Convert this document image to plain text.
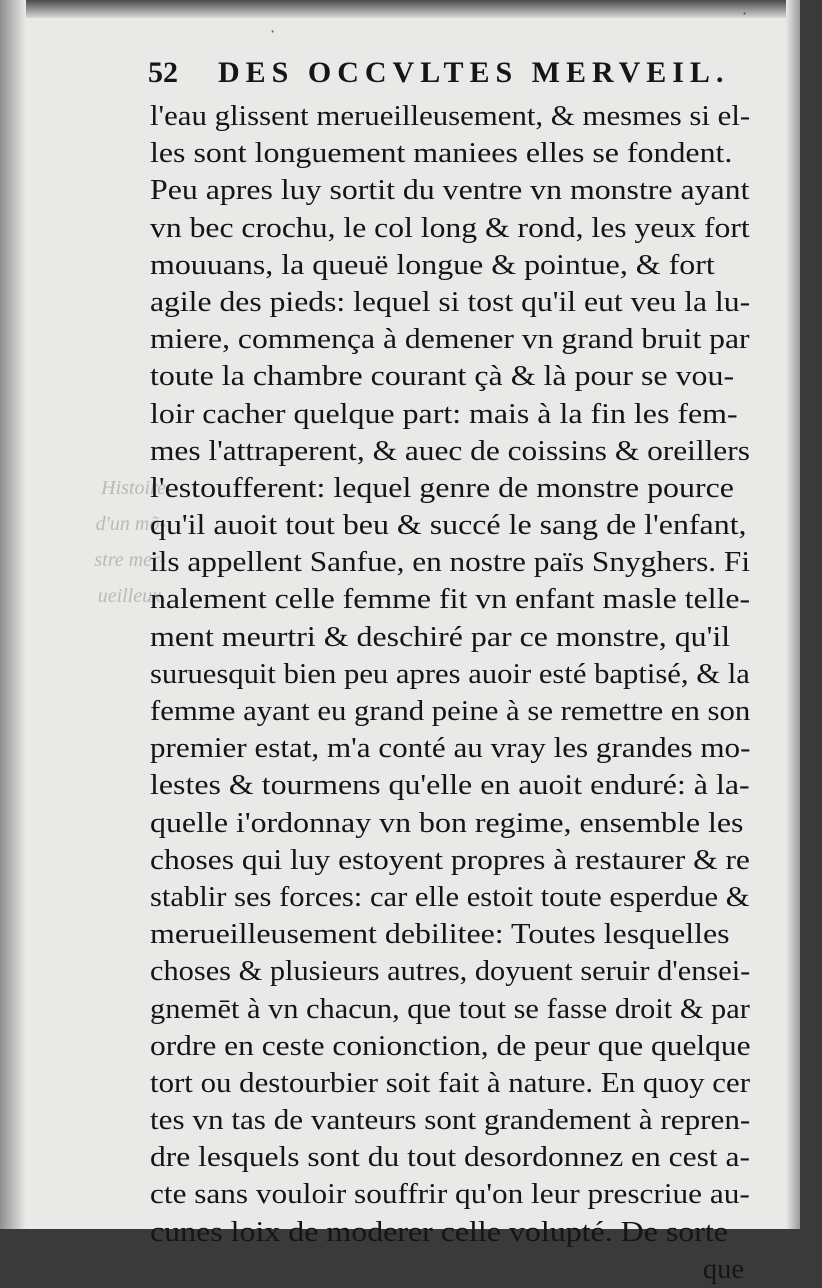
·
·
52 DES OCCVLTES MERVEIL.
Histoire
d'un mõ-
stre mer-
ueilleux.
l'eau glissent merueilleusement, & mesmes si el-
les sont longuement maniees elles se fondent.
Peu apres luy sortit du ventre vn monstre ayant
vn bec crochu, le col long & rond, les yeux fort
mouuans, la queuë longue & pointue, & fort
agile des pieds: lequel si tost qu'il eut veu la lu-
miere, commença à demener vn grand bruit par
toute la chambre courant çà & là pour se vou-
loir cacher quelque part: mais à la fin les fem-
mes l'attraperent, & auec de coissins & oreillers
l'estoufferent: lequel genre de monstre pource
qu'il auoit tout beu & succé le sang de l'enfant,
ils appellent Sanfue, en nostre païs Snyghers. Fi
nalement celle femme fit vn enfant masle telle-
ment meurtri & deschiré par ce monstre, qu'il
suruesquit bien peu apres auoir esté baptisé, & la
femme ayant eu grand peine à se remettre en son
premier estat, m'a conté au vray les grandes mo-
lestes & tourmens qu'elle en auoit enduré: à la-
quelle i'ordonnay vn bon regime, ensemble les
choses qui luy estoyent propres à restaurer & re
stablir ses forces: car elle estoit toute esperdue &
merueilleusement debilitee: Toutes lesquelles
choses & plusieurs autres, doyuent seruir d'ensei-
gnemēt à vn chacun, que tout se fasse droit & par
ordre en ceste conionction, de peur que quelque
tort ou destourbier soit fait à nature. En quoy cer
tes vn tas de vanteurs sont grandement à repren-
dre lesquels sont du tout desordonnez en cest a-
cte sans vouloir souffrir qu'on leur prescriue au-
cunes loix de moderer celle volupté. De sorte
que
